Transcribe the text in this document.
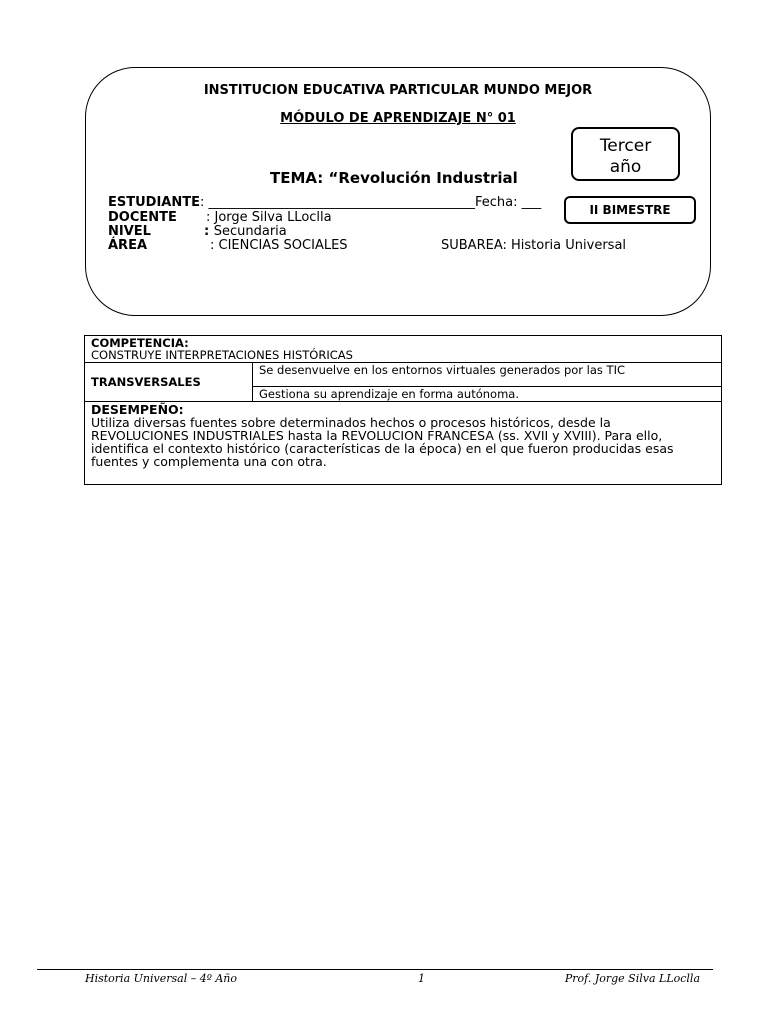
INSTITUCION EDUCATIVA PARTICULAR MUNDO MEJOR
MÓDULO DE APRENDIZAJE N° 01
TEMA: “Revolución Industrial
Tercer
año
ESTUDIANTE: _________________________________________Fecha: ___	II BIMESTRE
DOCENTE : Jorge Silva LLoclla
NIVEL	: Secundaria
ÁREA	: CIENCIAS SOCIALES	SUBAREA: Historia Universal
COMPETENCIA:
CONSTRUYE INTERPRETACIONES HISTÓRICAS

TRANSVERSALES	Se desenvuelve en los entornos virtuales generados por las TIC
Gestiona su aprendizaje en forma autónoma.

DESEMPEÑO:
Utiliza diversas fuentes sobre determinados hechos o procesos históricos, desde la
REVOLUCIONES INDUSTRIALES hasta la REVOLUCION FRANCESA (ss. XVII y XVIII). Para ello,
identifica el contexto histórico (características de la época) en el que fueron producidas esas
fuentes y complementa una con otra.
Historia Universal – 4º Año	1	Prof. Jorge Silva LLoclla
